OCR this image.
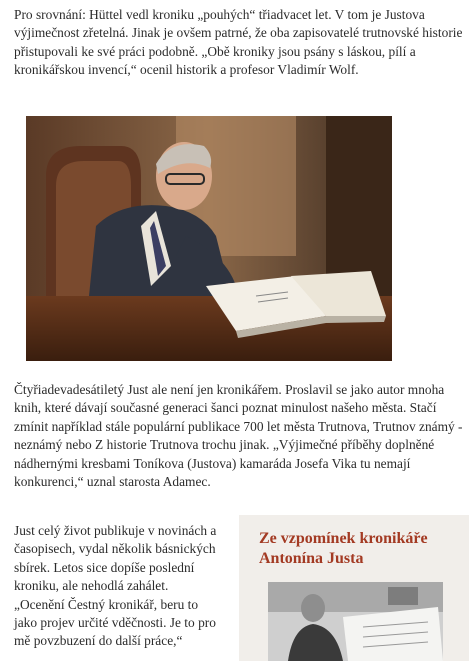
Pro srovnání: Hüttel vedl kroniku „pouhých“ třiadvacet let. V tom je Justova výjimečnost zřetelná. Jinak je ovšem patrné, že oba zapisovatelé trutnovské historie přistupovali ke své práci podobně. „Obě kroniky jsou psány s láskou, pílí a kronikářskou invencí,“ ocenil historik a profesor Vladimír Wolf.

Čtyřiadevadesátiletý Just ale není jen kronikářem. Proslavil se jako autor mnoha knih, které dávají současné generaci šanci poznat minulost našeho města. Stačí zmínit například stále populární publikace 700 let města Trutnova, Trutnov známý - neznámý nebo Z historie Trutnova trochu jinak. „Výjimečné příběhy doplněné nádhernými kresbami Toníkova (Justova) kamaráda Josefa Vika tu nemají konkurenci,“ uznal starosta Adamec.

Just celý život publikuje v novinách a časopisech, vydal několik básnických sbírek. Letos sice dopíše poslední kroniku, ale nehodlá zahálet. „Ocenění Čestný kronikář, beru to jako projev určité vděčnosti. Je to pro mě povzbuzení do další práce,“

Ze vzpomínek kronikáře Antonína Justa
